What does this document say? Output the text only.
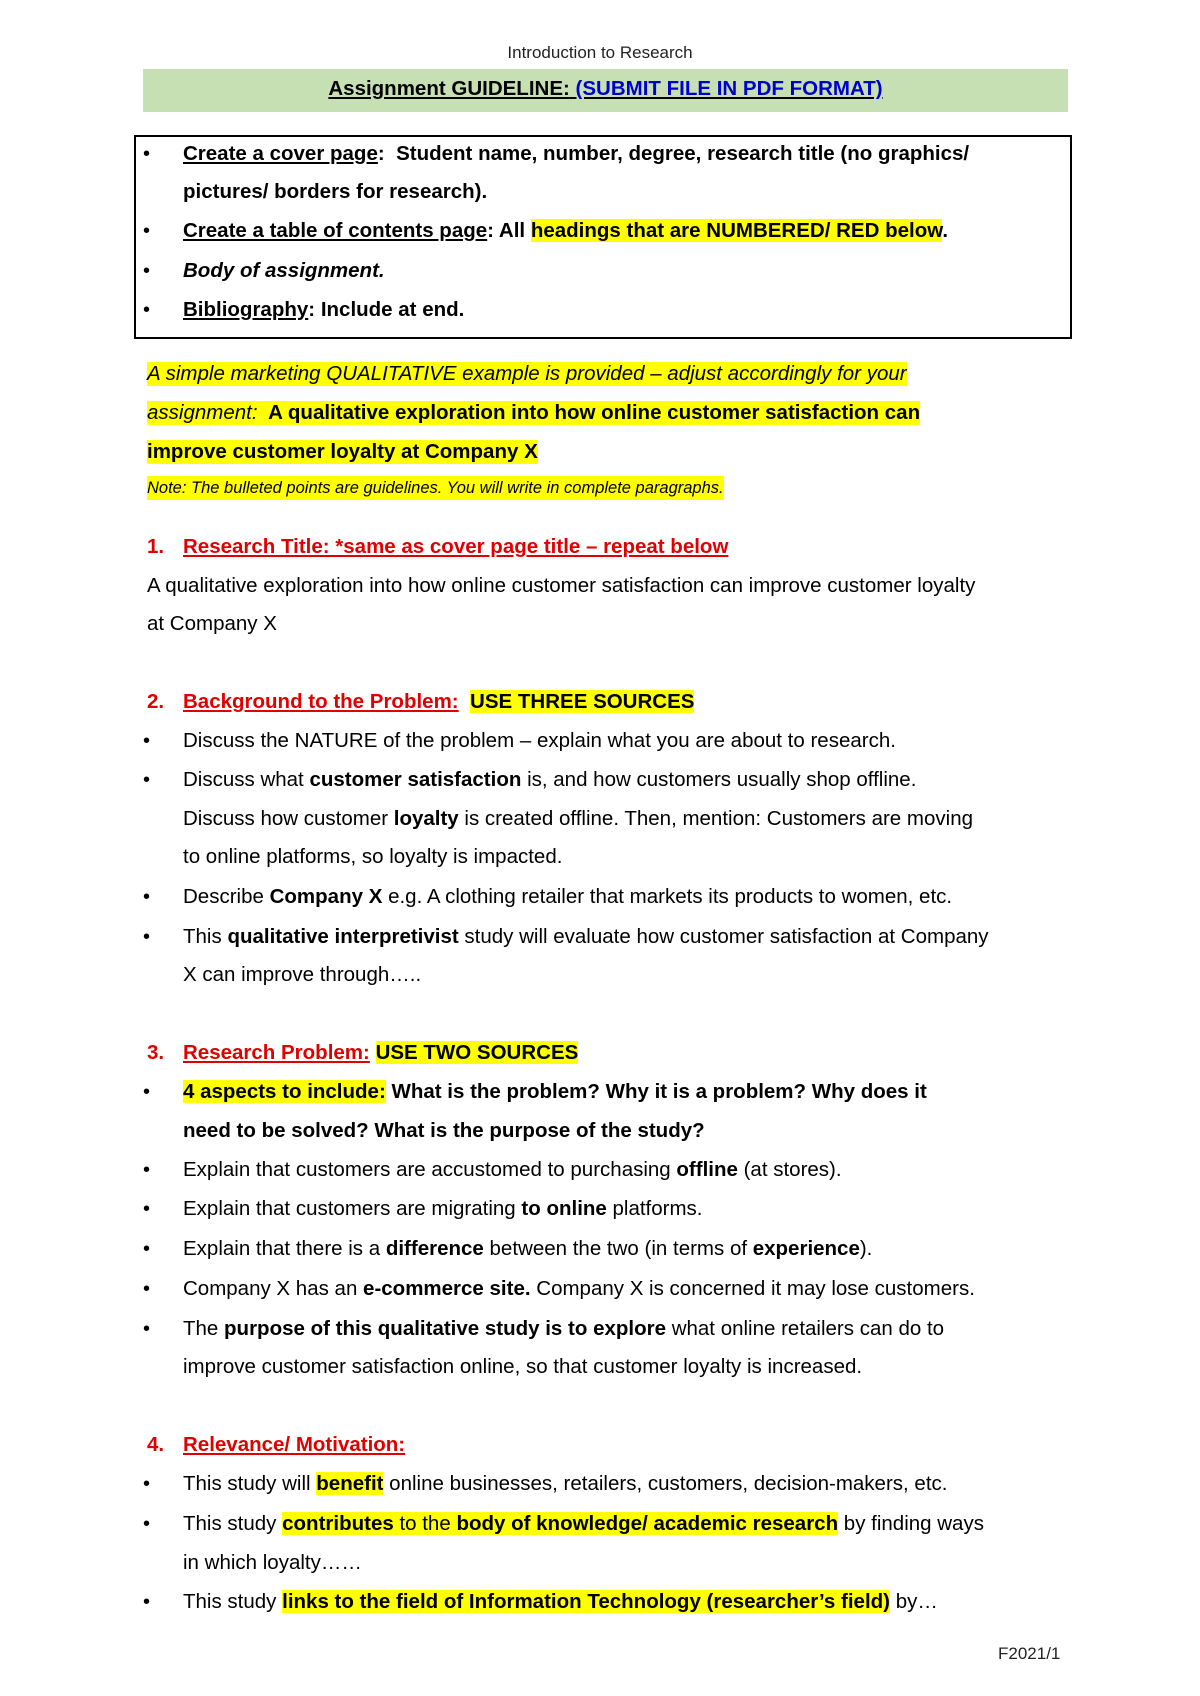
Introduction to Research
Assignment GUIDELINE: (SUBMIT FILE IN PDF FORMAT)
• Create a cover page: Student name, number, degree, research title (no graphics/
pictures/ borders for research).
• Create a table of contents page: All headings that are NUMBERED/ RED below.
• Body of assignment.
• Bibliography: Include at end.
A simple marketing QUALITATIVE example is provided – adjust accordingly for your
assignment:  A qualitative exploration into how online customer satisfaction can
improve customer loyalty at Company X
Note: The bulleted points are guidelines. You will write in complete paragraphs.
1. Research Title: *same as cover page title – repeat below
A qualitative exploration into how online customer satisfaction can improve customer loyalty
at Company X
2. Background to the Problem: USE THREE SOURCES
• Discuss the NATURE of the problem – explain what you are about to research.
• Discuss what customer satisfaction is, and how customers usually shop offline.
Discuss how customer loyalty is created offline. Then, mention: Customers are moving
to online platforms, so loyalty is impacted.
• Describe Company X e.g. A clothing retailer that markets its products to women, etc.
• This qualitative interpretivist study will evaluate how customer satisfaction at Company
X can improve through…..
3. Research Problem: USE TWO SOURCES
• 4 aspects to include: What is the problem? Why it is a problem? Why does it
need to be solved? What is the purpose of the study?
• Explain that customers are accustomed to purchasing offline (at stores).
• Explain that customers are migrating to online platforms.
• Explain that there is a difference between the two (in terms of experience).
• Company X has an e-commerce site. Company X is concerned it may lose customers.
• The purpose of this qualitative study is to explore what online retailers can do to
improve customer satisfaction online, so that customer loyalty is increased.
4. Relevance/ Motivation:
• This study will benefit online businesses, retailers, customers, decision-makers, etc.
• This study contributes to the body of knowledge/ academic research by finding ways
in which loyalty……
• This study links to the field of Information Technology (researcher’s field) by…
F2021/1
